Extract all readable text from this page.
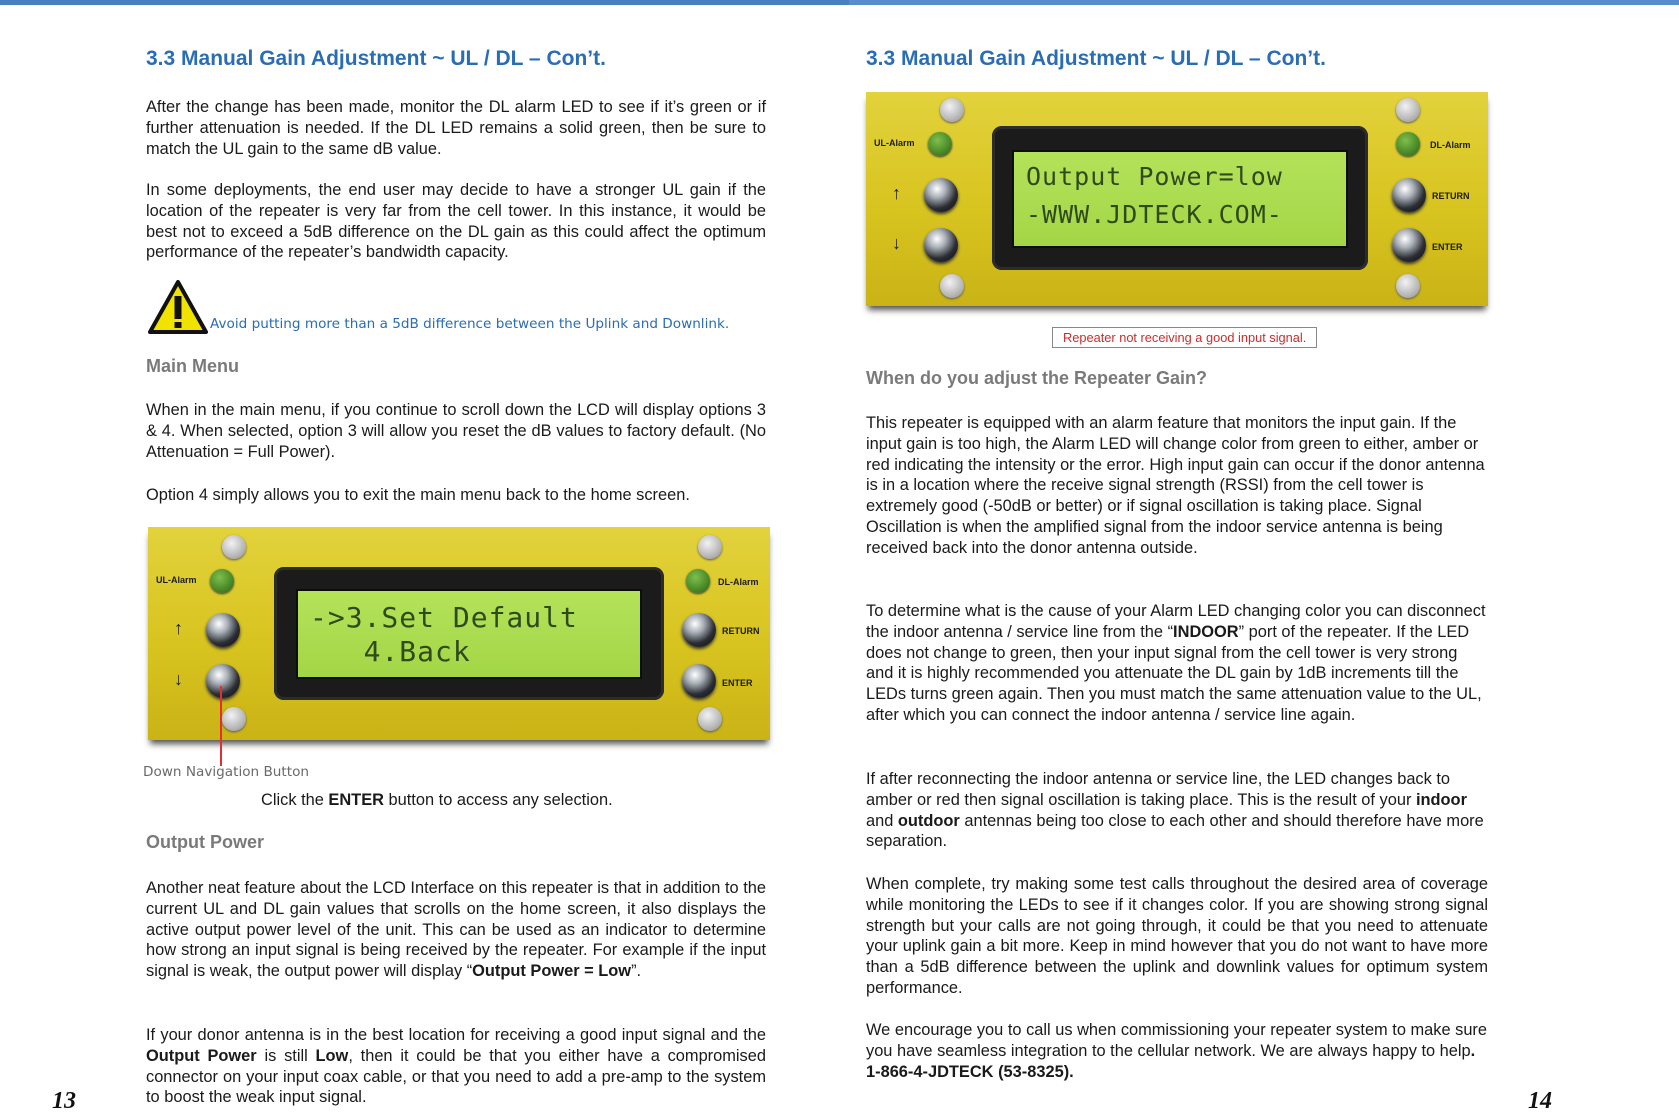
3.3 Manual Gain Adjustment ~ UL / DL – Con’t.

After the change has been made, monitor the DL alarm LED to see if it’s green or if further attenuation is needed. If the DL LED remains a solid green, then be sure to match the UL gain to the same dB value.

In some deployments, the end user may decide to have a stronger UL gain if the location of the repeater is very far from the cell tower. In this instance, it would be best not to exceed a 5dB difference on the DL gain as this could affect the optimum performance of the repeater’s bandwidth capacity.

Avoid putting more than a 5dB difference between the Uplink and Downlink.
Main Menu

When in the main menu, if you continue to scroll down the LCD will display options 3 & 4. When selected, option 3 will allow you reset the dB values to factory default. (No Attenuation = Full Power).

Option 4 simply allows you to exit the main menu back to the home screen.

UL-Alarm
↑
↓
DL-Alarm
RETURN
ENTER
->3.Set Default
4.Back
Down Navigation Button

Click the ENTER button to access any selection.

Output Power

Another neat feature about the LCD Interface on this repeater is that in addition to the current UL and DL gain values that scrolls on the home screen, it also displays the active output power level of the unit. This can be used as an indicator to determine how strong an input signal is being received by the repeater. For example if the input signal is weak, the output power will display “Output Power = Low”.

If your donor antenna is in the best location for receiving a good input signal and the Output Power is still Low, then it could be that you either have a compromised connector on your input coax cable, or that you need to add a pre-amp to the system to boost the weak input signal.

13
3.3 Manual Gain Adjustment ~ UL / DL – Con’t.
UL-Alarm
↑
↓
DL-Alarm
RETURN
ENTER
Output Power=low
-WWW.JDTECK.COM-
Repeater not receiving a good input signal.
When do you adjust the Repeater Gain?

This repeater is equipped with an alarm feature that monitors the input gain. If the input gain is too high, the Alarm LED will change color from green to either, amber or red indicating the intensity or the error. High input gain can occur if the donor antenna is in a location where the receive signal strength (RSSI) from the cell tower is extremely good (-50dB or better) or if signal oscillation is taking place. Signal Oscillation is when the amplified signal from the indoor service antenna is being received back into the donor antenna outside.

To determine what is the cause of your Alarm LED changing color you can disconnect the indoor antenna / service line from the “INDOOR” port of the repeater. If the LED does not change to green, then your input signal from the cell tower is very strong and it is highly recommended you attenuate the DL gain by 1dB increments till the LEDs turns green again. Then you must match the same attenuation value to the UL, after which you can connect the indoor antenna / service line again.

If after reconnecting the indoor antenna or service line, the LED changes back to amber or red then signal oscillation is taking place. This is the result of your indoor and outdoor antennas being too close to each other and should therefore have more separation.

When complete, try making some test calls throughout the desired area of coverage while monitoring the LEDs to see if it changes color. If you are showing strong signal strength but your calls are not going through, it could be that you need to attenuate your uplink gain a bit more. Keep in mind however that you do not want to have more than a 5dB difference between the uplink and downlink values for optimum system performance.

We encourage you to call us when commissioning your repeater system to make sure you have seamless integration to the cellular network. We are always happy to help. 1-866-4-JDTECK (53-8325).

14
